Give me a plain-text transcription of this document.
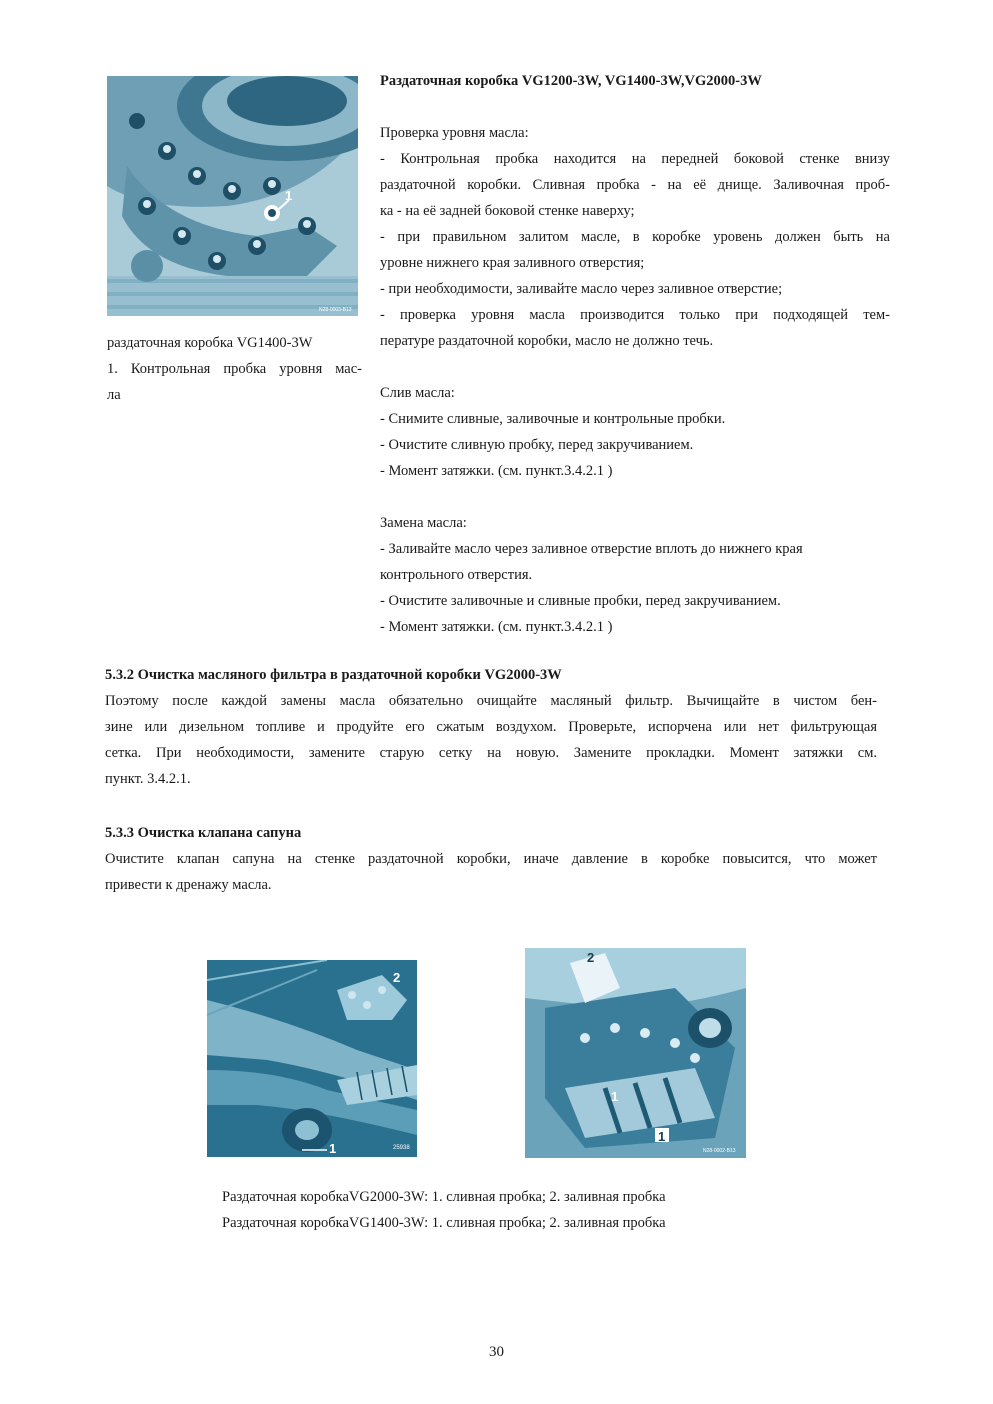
1
N28-0003-B13
раздаточная коробка VG1400-3W
1. Контрольная пробка уровня мас-
ла
Раздаточная коробка VG1200-3W, VG1400-3W,VG2000-3W
Проверка уровня масла:
- Контрольная пробка находится на передней боковой стенке внизу
раздаточной коробки. Сливная пробка - на её днище. Заливочная проб-
ка - на её задней боковой стенке наверху;
- при правильном залитом масле, в коробке уровень должен быть на
уровне нижнего края заливного отверстия;
- при необходимости, заливайте масло через заливное отверстие;
- проверка уровня масла производится только при подходящей тем-
пературе раздаточной коробки, масло не должно течь.
Слив масла:
- Снимите сливные, заливочные и контрольные пробки.
- Очистите сливную пробку, перед закручиванием.
- Момент затяжки. (см. пункт.3.4.2.1 )
Замена масла:
- Заливайте масло через заливное отверстие вплоть до нижнего края
контрольного отверстия.
- Очистите заливочные и сливные пробки, перед закручиванием.
- Момент затяжки. (см. пункт.3.4.2.1 )
5.3.2 Очистка масляного фильтра в раздаточной коробки VG2000-3W
Поэтому после каждой замены масла обязательно очищайте масляный фильтр. Вычищайте в чистом бен-
зине или дизельном топливе и продуйте его сжатым воздухом. Проверьте, испорчена или нет фильтрующая
сетка. При необходимости, замените старую сетку на новую. Замените прокладки. Момент затяжки см.
пункт. 3.4.2.1.
5.3.3 Очистка клапана сапуна
Очистите клапан сапуна на стенке раздаточной коробки, иначе давление в коробке повысится, что может
привести к дренажу масла.
2
1	25938
2
1
1
N28-0002-B13
Раздаточная коробкаVG2000-3W: 1. сливная пробка; 2. заливная пробка
Раздаточная коробкаVG1400-3W: 1. сливная пробка; 2. заливная пробка
30
